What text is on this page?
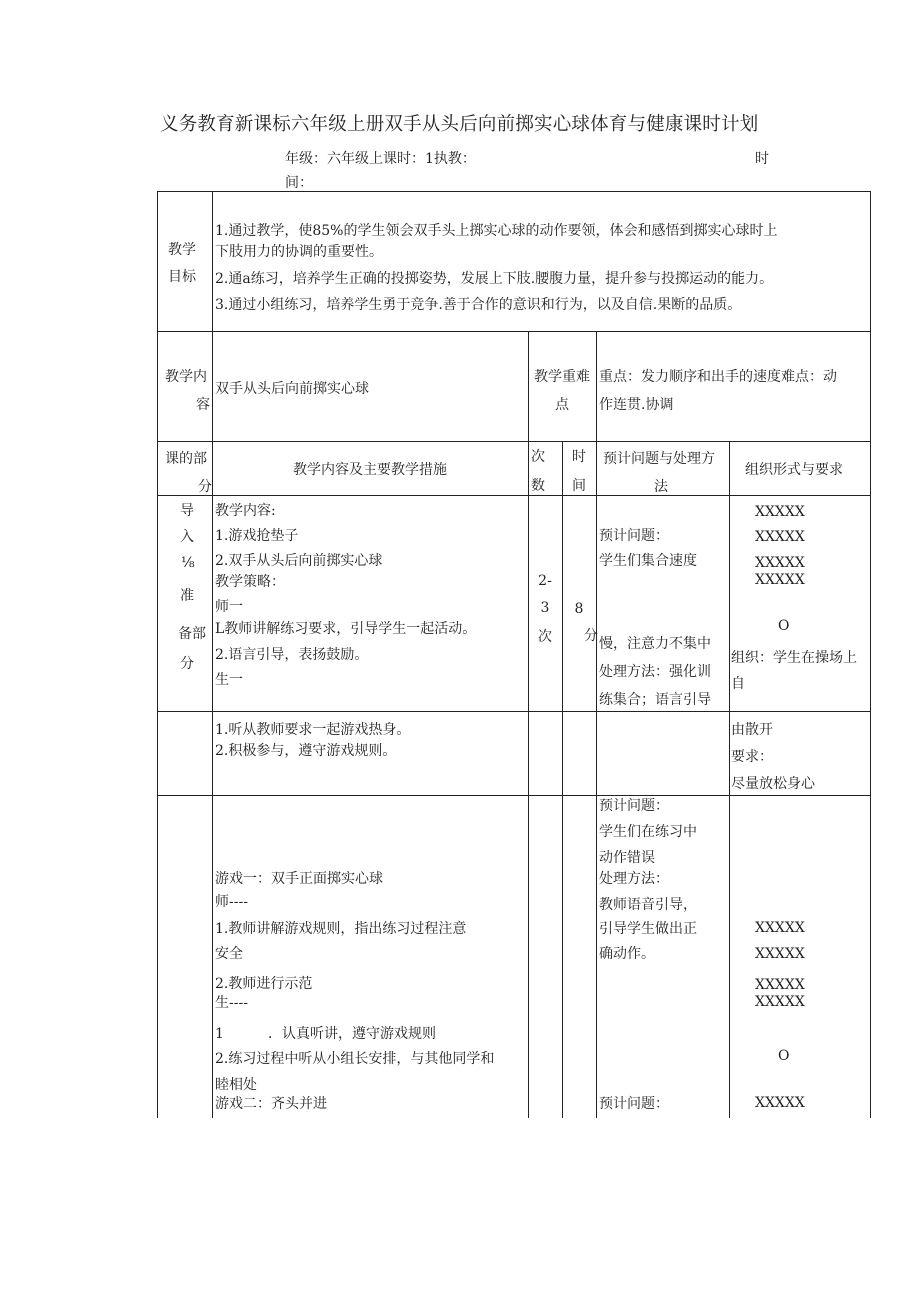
义务教育新课标六年级上册双手从头后向前掷实心球体育与健康课时计划
年级：六年级上课时：1执教：	时
间：
教学
目标
1.通过教学，使85%的学生领会双手头上掷实心球的动作要领，体会和感悟到掷实心球时上
下肢用力的协调的重要性。
2.通a练习，培养学生正确的投掷姿势，发展上下肢.腰腹力量，提升参与投掷运动的能力。
3.通过小组练习，培养学生勇于竞争.善于合作的意识和行为，以及自信.果断的品质。
教学内
容
双手从头后向前掷实心球
教学重难
点
重点：发力顺序和出手的速度难点：动
作连贯.协调
课的部
分
教学内容及主要教学措施
次
数
时
间
预计问题与处理方
法
组织形式与要求
导
入
⅛
准
备部
分
教学内容:
1.游戏抢垫子
2.双手从头后向前掷实心球
教学策略：
师一
L教师讲解练习要求，引导学生一起活动。
2.语言引导，表扬鼓励。
生一
2-
3
次
8
分
预计问题：
学生们集合速度
慢，注意力不集中
处理方法：强化训
练集合；语言引导
XXXXX
XXXXX
XXXXX
XXXXX
O
组织：学生在操场上
自
1.听从教师要求一起游戏热身。
2.积极参与，遵守游戏规则。
由散开
要求：
尽量放松身心
游戏一：双手正面掷实心球
师----
1.教师讲解游戏规则，指出练习过程注意
安全
2.教师进行示范
生----
1	．认真听讲，遵守游戏规则
2.练习过程中听从小组长安排，与其他同学和
睦相处
游戏二：齐头并进
预计问题：
学生们在练习中
动作错误
处理方法：
教师语音引导，
引导学生做出正
确动作。
预计问题：
XXXXX
XXXXX
XXXXX
XXXXX
O
XXXXX
